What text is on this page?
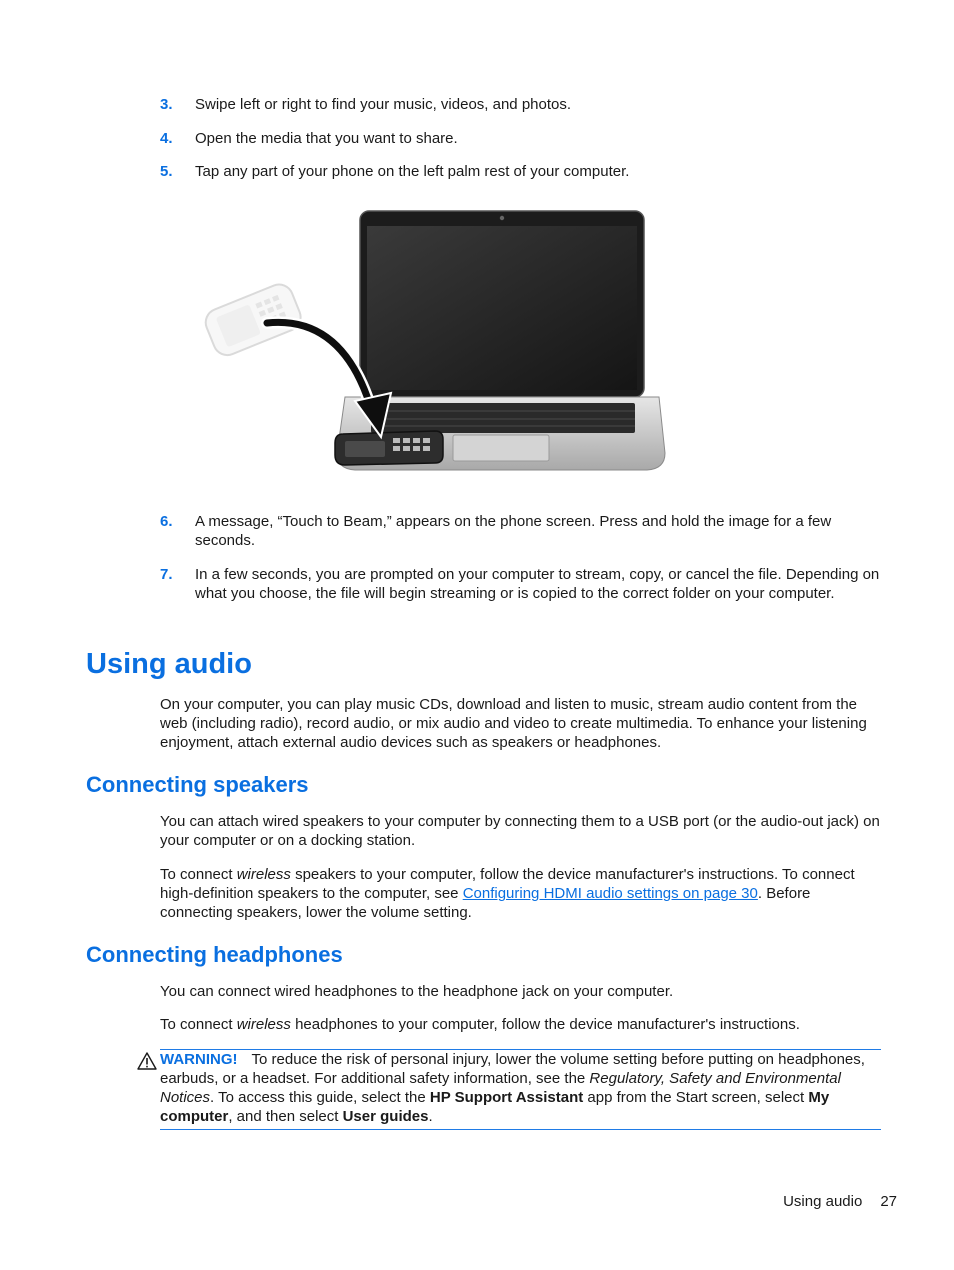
3. Swipe left or right to find your music, videos, and photos.
4. Open the media that you want to share.
5. Tap any part of your phone on the left palm rest of your computer.
6. A message, “Touch to Beam,” appears on the phone screen. Press and hold the image for a few seconds.
7. In a few seconds, you are prompted on your computer to stream, copy, or cancel the file. Depending on what you choose, the file will begin streaming or is copied to the correct folder on your computer.
Using audio
On your computer, you can play music CDs, download and listen to music, stream audio content from the web (including radio), record audio, or mix audio and video to create multimedia. To enhance your listening enjoyment, attach external audio devices such as speakers or headphones.
Connecting speakers
You can attach wired speakers to your computer by connecting them to a USB port (or the audio-out jack) on your computer or on a docking station.
To connect wireless speakers to your computer, follow the device manufacturer's instructions. To connect high-definition speakers to the computer, see Configuring HDMI audio settings on page 30. Before connecting speakers, lower the volume setting.
Connecting headphones
You can connect wired headphones to the headphone jack on your computer.
To connect wireless headphones to your computer, follow the device manufacturer's instructions.
WARNING! To reduce the risk of personal injury, lower the volume setting before putting on headphones, earbuds, or a headset. For additional safety information, see the Regulatory, Safety and Environmental Notices. To access this guide, select the HP Support Assistant app from the Start screen, select My computer, and then select User guides.
Using audio 27
